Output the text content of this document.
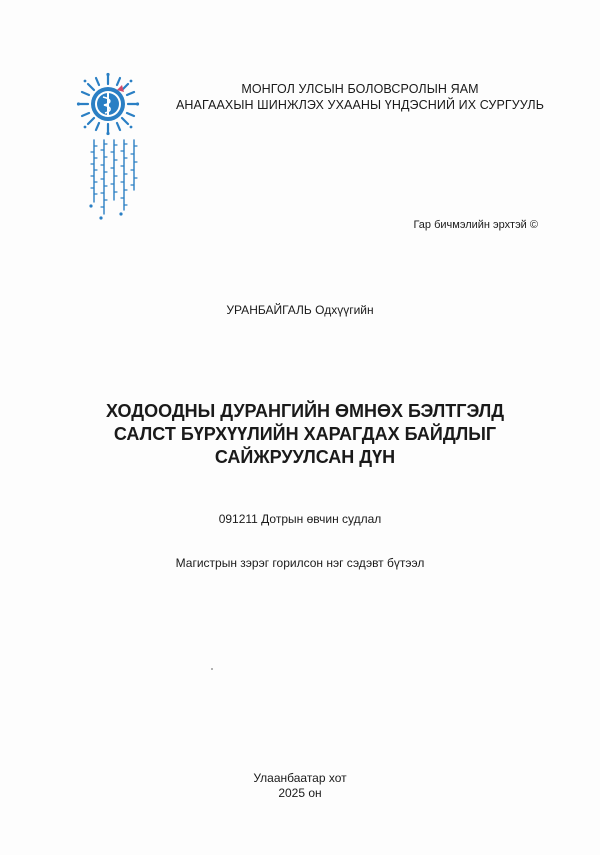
МОНГОЛ УЛСЫН БОЛОВСРОЛЫН ЯАМ
АНАГААХЫН ШИНЖЛЭХ УХААНЫ ҮНДЭСНИЙ ИХ СУРГУУЛЬ
Гар бичмэлийн эрхтэй ©
УРАНБАЙГАЛЬ Одхүүгийн
ХОДООДНЫ ДУРАНГИЙН ӨМНӨХ БЭЛТГЭЛД
САЛСТ БҮРХҮҮЛИЙН ХАРАГДАХ БАЙДЛЫГ
САЙЖРУУЛСАН ДҮН
091211 Дотрын өвчин судлал
Магистрын зэрэг горилсон нэг сэдэвт бүтээл
Улаанбаатар хот
2025 он
